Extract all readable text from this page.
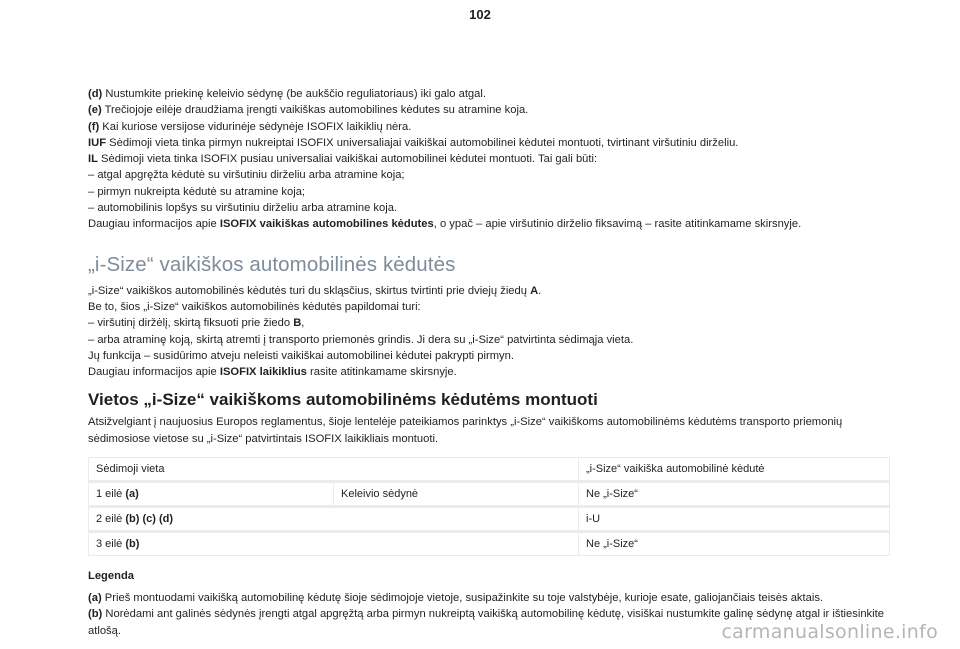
102

(d) Nustumkite priekinę keleivio sėdynę (be aukščio reguliatoriaus) iki galo atgal.

(e) Trečiojoje eilėje draudžiama įrengti vaikiškas automobilines kėdutes su atramine koja.

(f) Kai kuriose versijose vidurinėje sėdynėje ISOFIX laikiklių nėra.

IUF Sėdimoji vieta tinka pirmyn nukreiptai ISOFIX universaliajai vaikiškai automobilinei kėdutei montuoti, tvirtinant viršutiniu dirželiu.

IL Sėdimoji vieta tinka ISOFIX pusiau universaliai vaikiškai automobilinei kėdutei montuoti. Tai gali būti:

– atgal apgręžta kėdutė su viršutiniu dirželiu arba atramine koja;

– pirmyn nukreipta kėdutė su atramine koja;

– automobilinis lopšys su viršutiniu dirželiu arba atramine koja.

Daugiau informacijos apie ISOFIX vaikiškas automobilines kėdutes, o ypač – apie viršutinio dirželio fiksavimą – rasite atitinkamame skirsnyje.

„i-Size“ vaikiškos automobilinės kėdutės

„i-Size“ vaikiškos automobilinės kėdutės turi du skląsčius, skirtus tvirtinti prie dviejų žiedų A.

Be to, šios „i-Size“ vaikiškos automobilinės kėdutės papildomai turi:

– viršutinį diržėlį, skirtą fiksuoti prie žiedo B,

– arba atraminę koją, skirtą atremti į transporto priemonės grindis. Ji dera su „i-Size“ patvirtinta sėdimąja vieta.

Jų funkcija – susidūrimo atveju neleisti vaikiškai automobilinei kėdutei pakrypti pirmyn.

Daugiau informacijos apie ISOFIX laikiklius rasite atitinkamame skirsnyje.

Vietos „i-Size“ vaikiškoms automobilinėms kėdutėms montuoti

Atsižvelgiant į naujuosius Europos reglamentus, šioje lentelėje pateikiamos parinktys „i-Size“ vaikiškoms automobilinėms kėdutėms transporto priemonių sėdimosiose vietose su „i-Size“ patvirtintais ISOFIX laikikliais montuoti.

Sėdimoji vieta		„i-Size“ vaikiška automobilinė kėdutė
1 eilė (a)	Keleivio sėdynė	Ne „i-Size“
2 eilė (b) (c) (d)		i-U
3 eilė (b)		Ne „i-Size“
Legenda

(a) Prieš montuodami vaikišką automobilinę kėdutę šioje sėdimojoje vietoje, susipažinkite su toje valstybėje, kurioje esate, galiojančiais teisės aktais.

(b) Norėdami ant galinės sėdynės įrengti atgal apgręžtą arba pirmyn nukreiptą vaikišką automobilinę kėdutę, visiškai nustumkite galinę sėdynę atgal ir ištiesinkite atlošą.	carmanualsonline.info
